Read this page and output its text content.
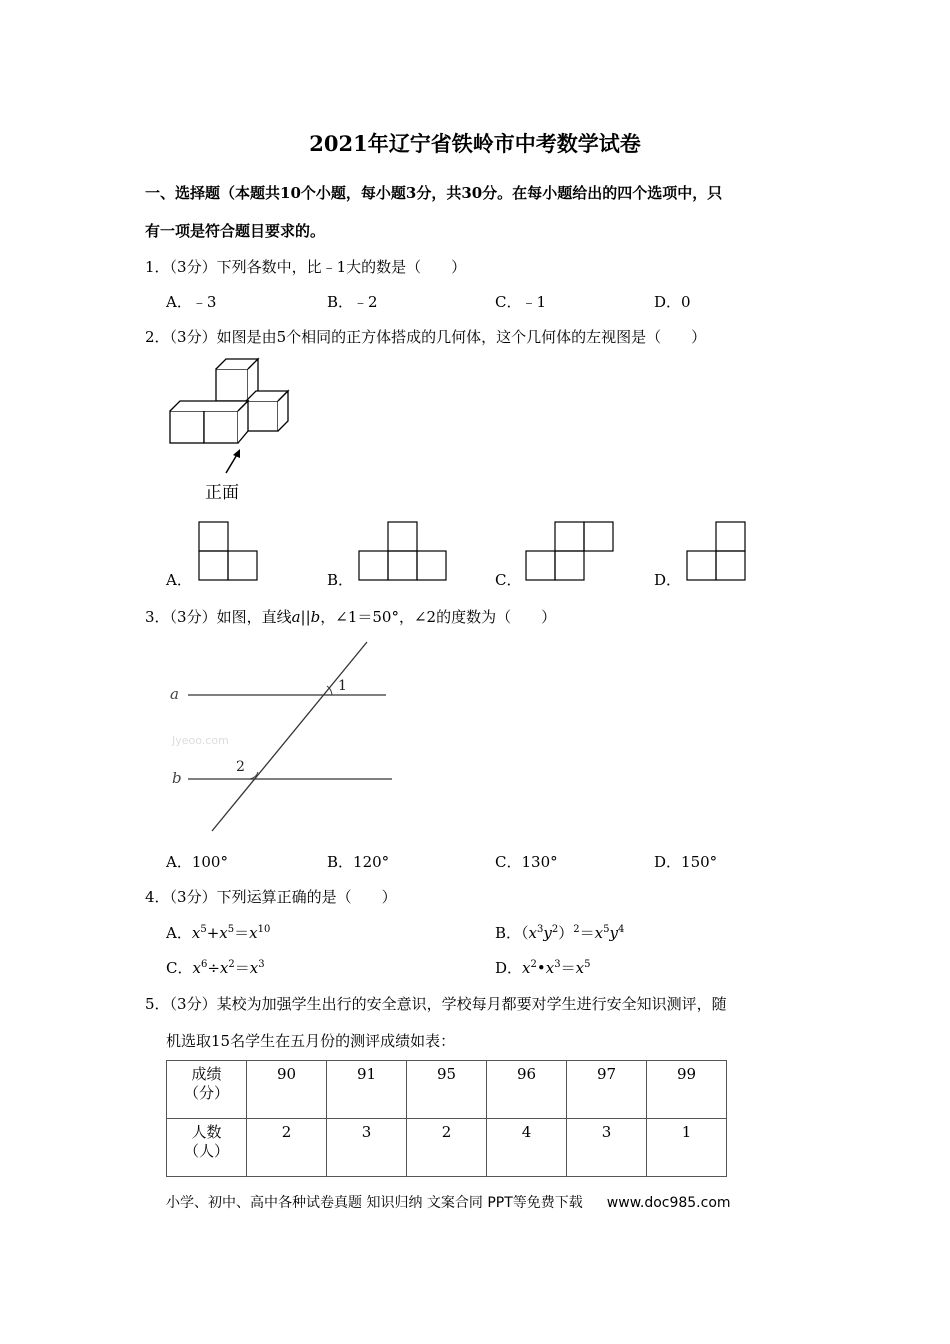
2021年辽宁省铁岭市中考数学试卷
一、选择题（本题共10个小题，每小题3分，共30分。在每小题给出的四个选项中，只
有一项是符合题目要求的。
1．（3分）下列各数中，比﹣1大的数是（　　）
A．﹣3	B．﹣2	C．﹣1	D．0
2．（3分）如图是由5个相同的正方体搭成的几何体，这个几何体的左视图是（　　）
正面
A．	B．	C．	D．
3．（3分）如图，直线a||b，∠1＝50°，∠2的度数为（　　）
a
b
1
2
Jyeoo.com
A．100°	B．120°	C．130°	D．150°
4．（3分）下列运算正确的是（　　）
A．$x^5+x^5=x^{10}$	B．$(x^3y^2)^2=x^5y^4$
C．$x^6\div x^2=x^3$	D．$x^2•x^3=x^5$
5．（3分）某校为加强学生出行的安全意识，学校每月都要对学生进行安全知识测评，随
机选取15名学生在五月份的测评成绩如表：
成绩
（分）	90	91	95	96	97	99
人数
（人）	2	3	2	4	3	1
小学、初中、高中各种试卷真题 知识归纳 文案合同 PPT等免费下载 www.doc985.com
